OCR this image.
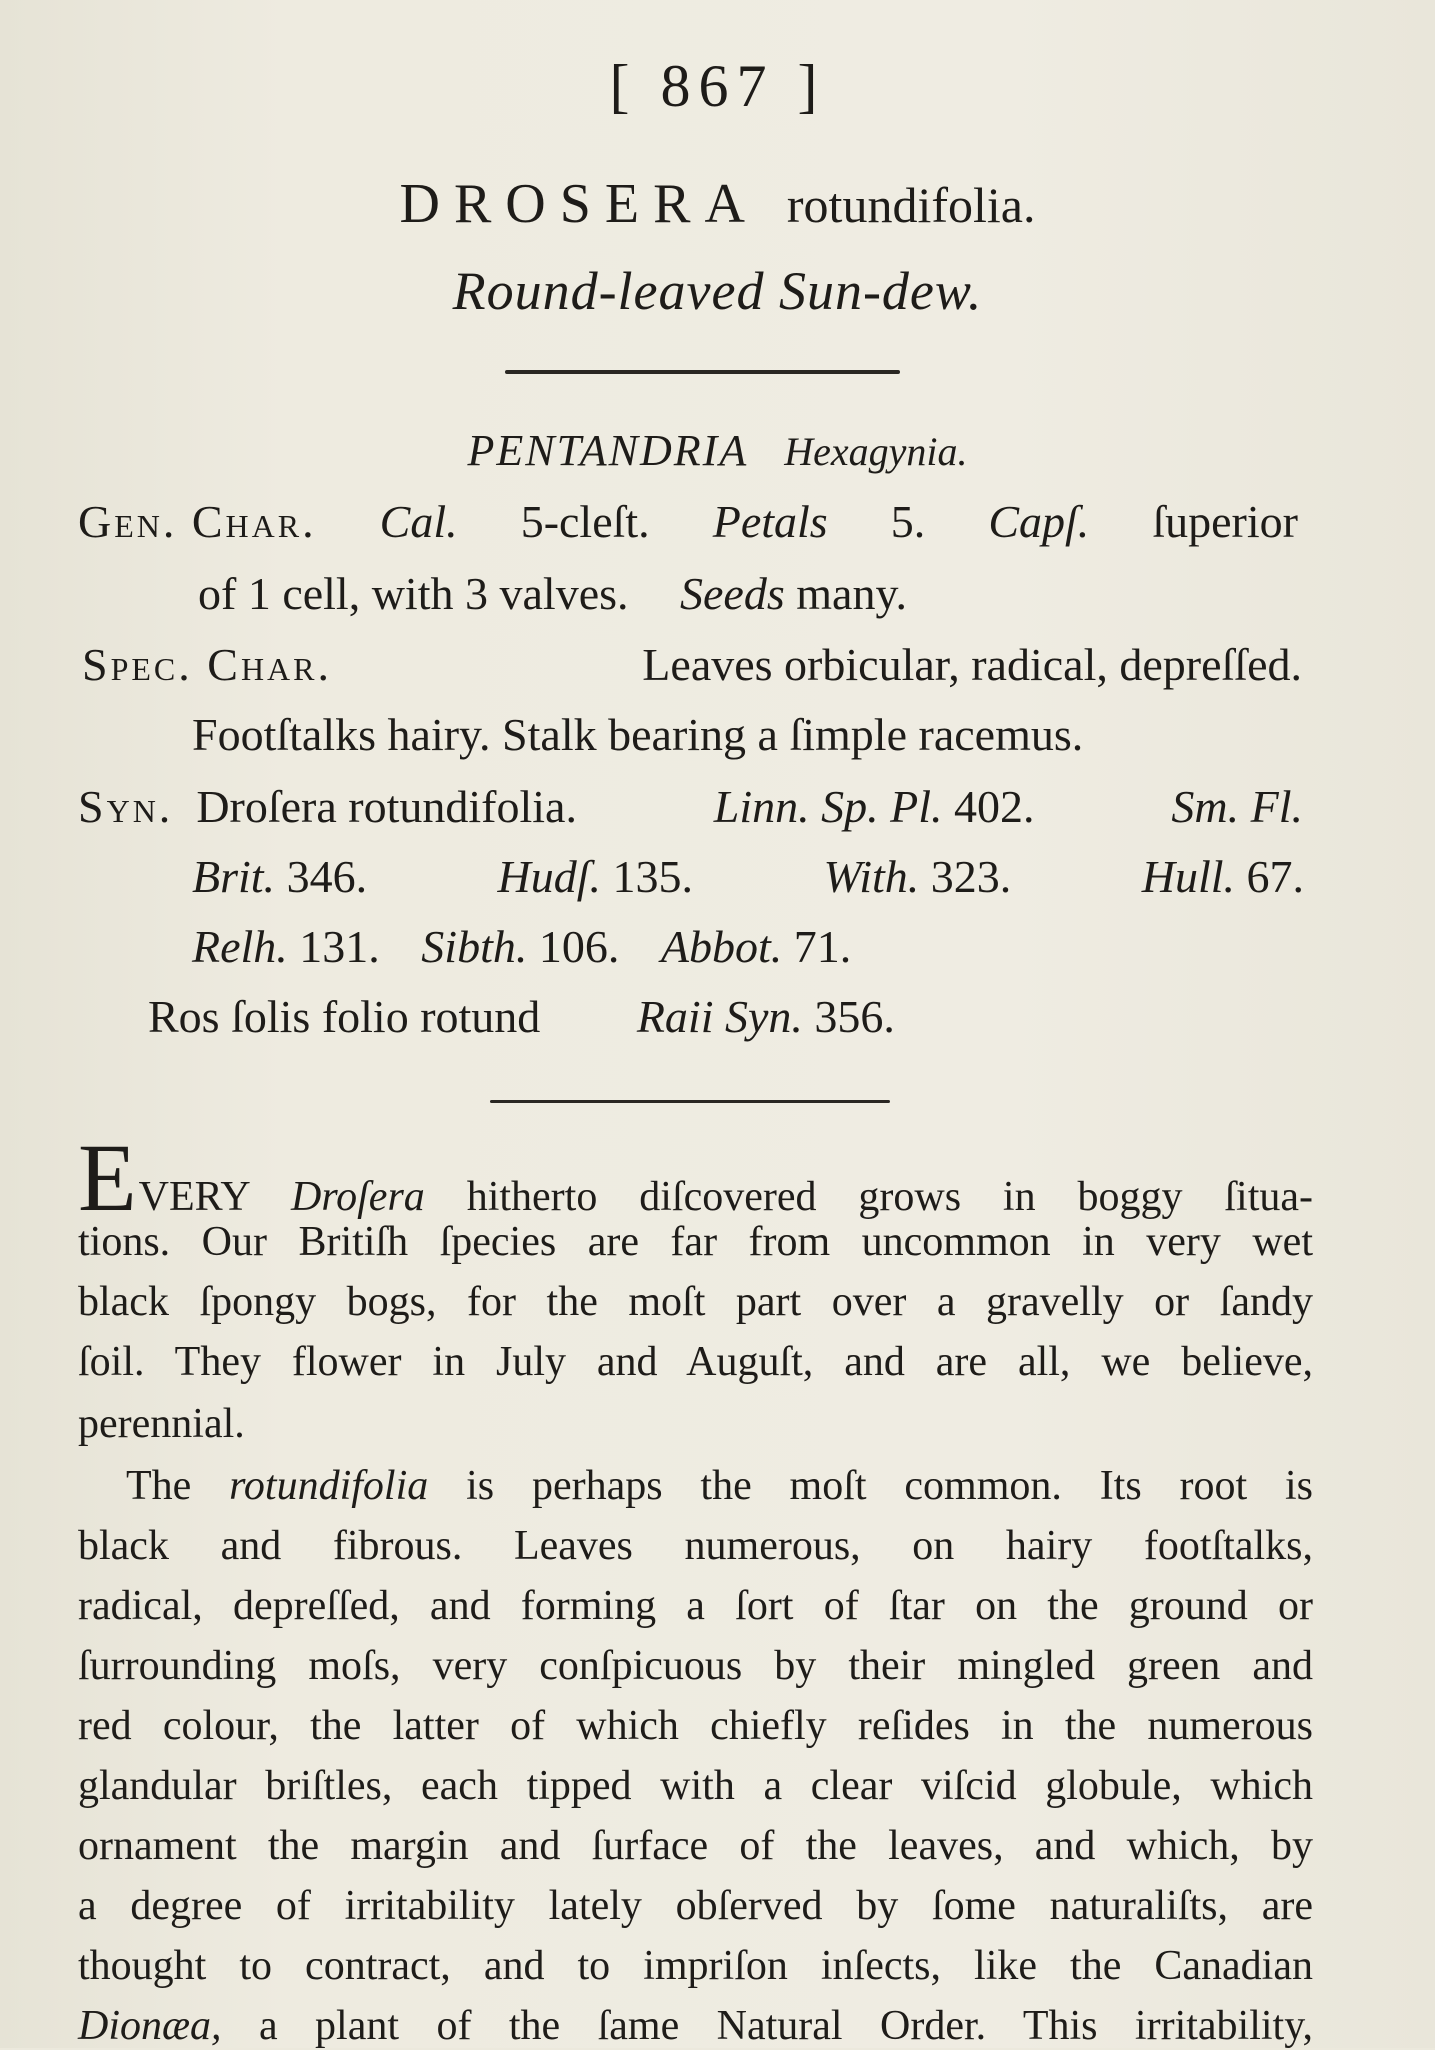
[ 867 ]
DROSERA rotundifolia.
Round-leaved Sun-dew.
PENTANDRIA Hexagynia.
Gen. Char. Cal. 5-cleſt. Petals 5. Capſ. ſuperior
of 1 cell, with 3 valves. Seeds many.
Spec. Char.	Leaves orbicular, radical, depreſſed.
Footſtalks hairy. Stalk bearing a ſimple racemus.
Syn. Droſera rotundifolia.	Linn. Sp. Pl. 402.	Sm. Fl.
Brit. 346.	Hudſ. 135.	With. 323.	Hull. 67.
Relh. 131. Sibth. 106. Abbot. 71.
Ros ſolis folio rotund Raii Syn. 356.
EVERY Droſera hitherto diſcovered grows in boggy ſitua-
tions. Our Britiſh ſpecies are far from uncommon in very wet
black ſpongy bogs, for the moſt part over a gravelly or ſandy
ſoil. They flower in July and Auguſt, and are all, we believe,
perennial.
The rotundifolia is perhaps the moſt common. Its root is
black and fibrous. Leaves numerous, on hairy footſtalks,
radical, depreſſed, and forming a ſort of ſtar on the ground or
ſurrounding moſs, very conſpicuous by their mingled green and
red colour, the latter of which chiefly reſides in the numerous
glandular briſtles, each tipped with a clear viſcid globule, which
ornament the margin and ſurface of the leaves, and which, by
a degree of irritability lately obſerved by ſome naturaliſts, are
thought to contract, and to impriſon inſects, like the Canadian
Dionæa, a plant of the ſame Natural Order. This irritability,
